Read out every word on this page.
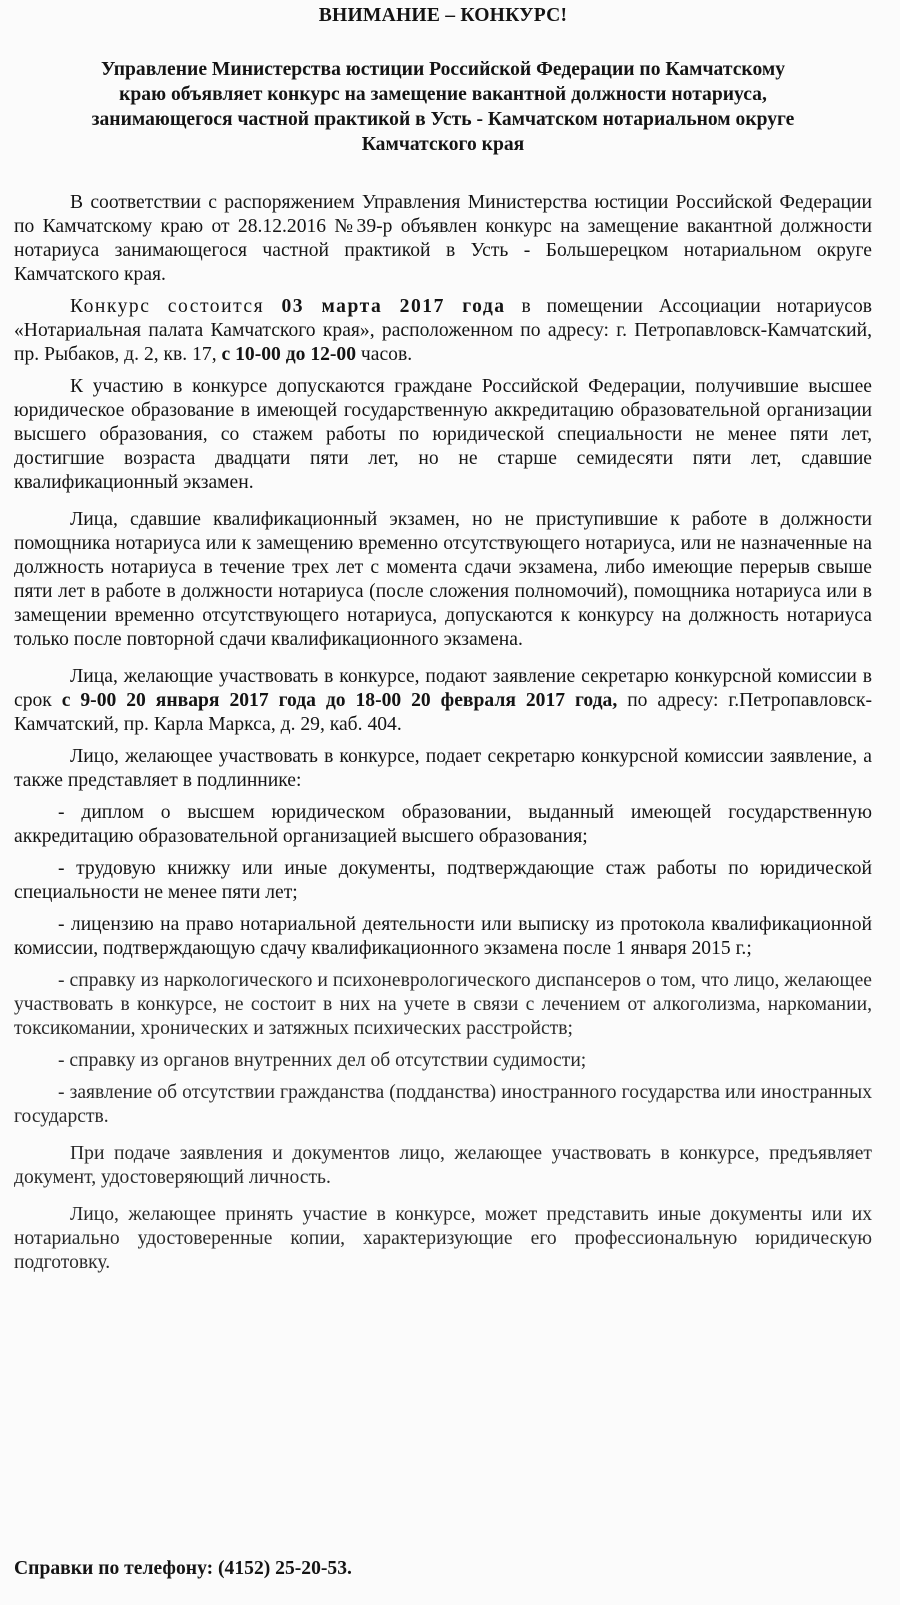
ВНИМАНИЕ – КОНКУРС!

Управление Министерства юстиции Российской Федерации по Камчатскому
краю объявляет конкурс на замещение вакантной должности нотариуса,
занимающегося частной практикой в Усть - Камчатском нотариальном округе
Камчатского края

В соответствии с распоряжением Управления Министерства юстиции Российской Федерации по Камчатскому краю от 28.12.2016 №39-р объявлен конкурс на замещение вакантной должности нотариуса занимающегося частной практикой в Усть - Большерецком нотариальном округе Камчатского края.

Конкурс состоится 03 марта 2017 года в помещении Ассоциации нотариусов «Нотариальная палата Камчатского края», расположенном по адресу: г. Петропавловск-Камчатский, пр. Рыбаков, д. 2, кв. 17, с 10-00 до 12-00 часов.

К участию в конкурсе допускаются граждане Российской Федерации, получившие высшее юридическое образование в имеющей государственную аккредитацию образовательной организации высшего образования, со стажем работы по юридической специальности не менее пяти лет, достигшие возраста двадцати пяти лет, но не старше семидесяти пяти лет, сдавшие квалификационный экзамен.

Лица, сдавшие квалификационный экзамен, но не приступившие к работе в должности помощника нотариуса или к замещению временно отсутствующего нотариуса, или не назначенные на должность нотариуса в течение трех лет с момента сдачи экзамена, либо имеющие перерыв свыше пяти лет в работе в должности нотариуса (после сложения полномочий), помощника нотариуса или в замещении временно отсутствующего нотариуса, допускаются к конкурсу на должность нотариуса только после повторной сдачи квалификационного экзамена.

Лица, желающие участвовать в конкурсе, подают заявление секретарю конкурсной комиссии в срок с 9-00 20 января 2017 года до 18-00 20 февраля 2017 года, по адресу: г.Петропавловск-Камчатский, пр. Карла Маркса, д. 29, каб. 404.

Лицо, желающее участвовать в конкурсе, подает секретарю конкурсной комиссии заявление, а также представляет в подлиннике:

- диплом о высшем юридическом образовании, выданный имеющей государственную аккредитацию образовательной организацией высшего образования;

- трудовую книжку или иные документы, подтверждающие стаж работы по юридической специальности не менее пяти лет;

- лицензию на право нотариальной деятельности или выписку из протокола квалификационной комиссии, подтверждающую сдачу квалификационного экзамена после 1 января 2015 г.;

- справку из наркологического и психоневрологического диспансеров о том, что лицо, желающее участвовать в конкурсе, не состоит в них на учете в связи с лечением от алкоголизма, наркомании, токсикомании, хронических и затяжных психических расстройств;

- справку из органов внутренних дел об отсутствии судимости;

- заявление об отсутствии гражданства (подданства) иностранного государства или иностранных государств.

При подаче заявления и документов лицо, желающее участвовать в конкурсе, предъявляет документ, удостоверяющий личность.

Лицо, желающее принять участие в конкурсе, может представить иные документы или их нотариально удостоверенные копии, характеризующие его профессиональную юридическую подготовку.

Справки по телефону: (4152) 25-20-53.
